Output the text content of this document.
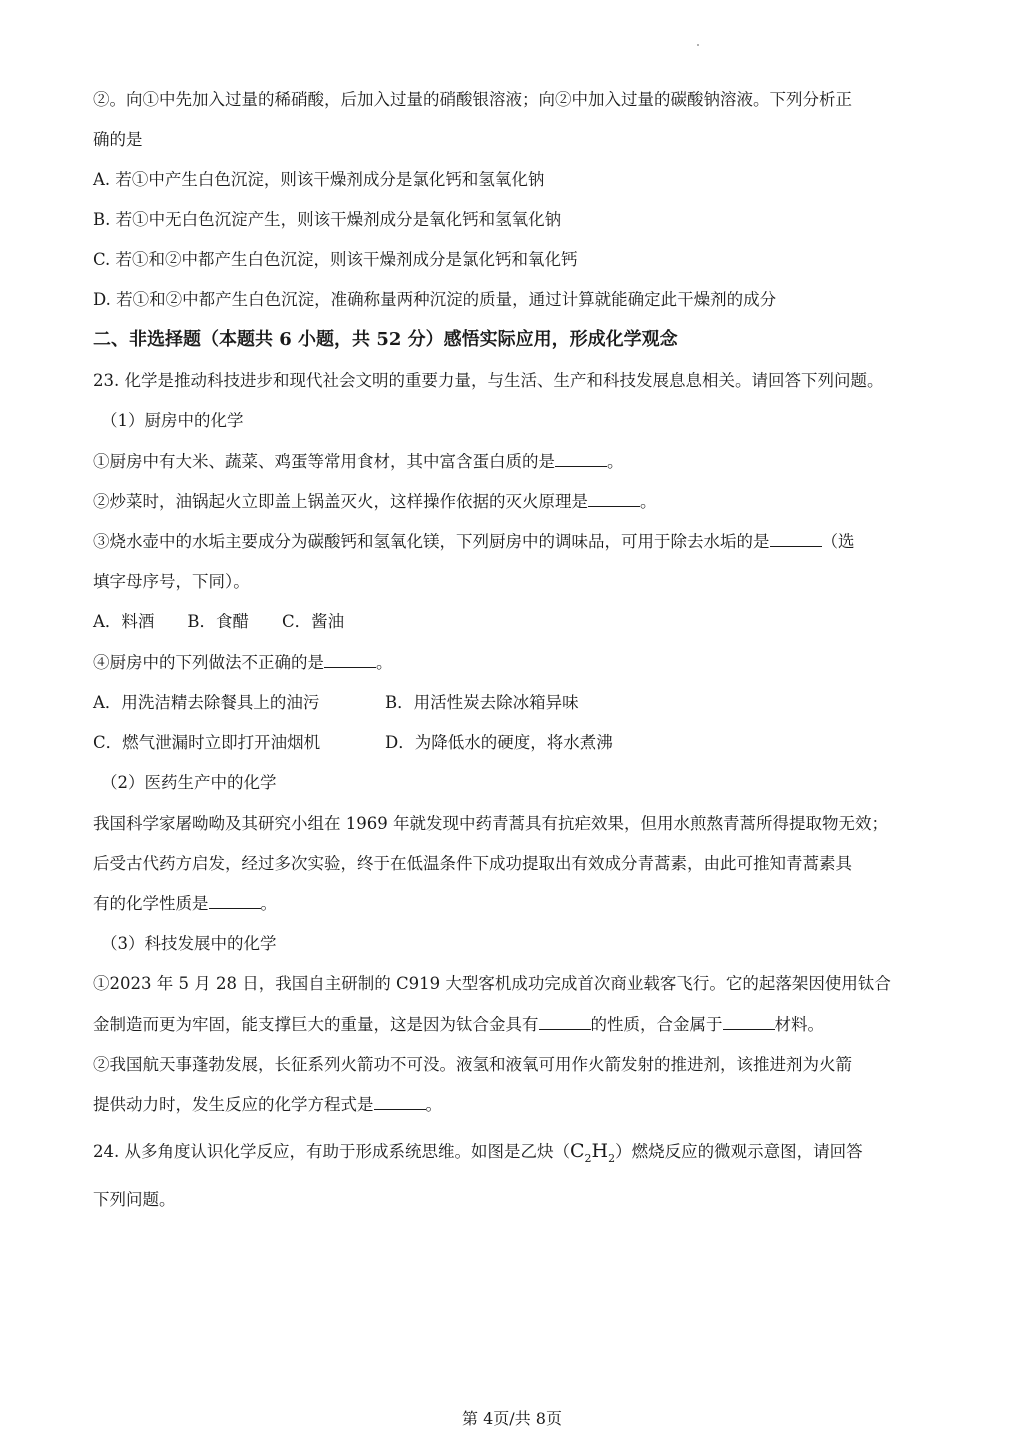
②。向①中先加入过量的稀硝酸，后加入过量的硝酸银溶液；向②中加入过量的碳酸钠溶液。下列分析正
确的是
A. 若①中产生白色沉淀，则该干燥剂成分是氯化钙和氢氧化钠
B. 若①中无白色沉淀产生，则该干燥剂成分是氧化钙和氢氧化钠
C. 若①和②中都产生白色沉淀，则该干燥剂成分是氯化钙和氧化钙
D. 若①和②中都产生白色沉淀，准确称量两种沉淀的质量，通过计算就能确定此干燥剂的成分
二、非选择题（本题共 6 小题，共 52 分）感悟实际应用，形成化学观念
23. 化学是推动科技进步和现代社会文明的重要力量，与生活、生产和科技发展息息相关。请回答下列问题。
（1）厨房中的化学
①厨房中有大米、蔬菜、鸡蛋等常用食材，其中富含蛋白质的是	。
②炒菜时，油锅起火立即盖上锅盖灭火，这样操作依据的灭火原理是	。
③烧水壶中的水垢主要成分为碳酸钙和氢氧化镁，下列厨房中的调味品，可用于除去水垢的是	（选
填字母序号，下同）。
A．料酒　　B．食醋　　C．酱油
④厨房中的下列做法不正确的是	。
A．用洗洁精去除餐具上的油污	B．用活性炭去除冰箱异味
C．燃气泄漏时立即打开油烟机	D．为降低水的硬度，将水煮沸
（2）医药生产中的化学
我国科学家屠呦呦及其研究小组在 1969 年就发现中药青蒿具有抗疟效果，但用水煎熬青蒿所得提取物无效；
后受古代药方启发，经过多次实验，终于在低温条件下成功提取出有效成分青蒿素，由此可推知青蒿素具
有的化学性质是	。
（3）科技发展中的化学
①2023 年 5 月 28 日，我国自主研制的 C919 大型客机成功完成首次商业载客飞行。它的起落架因使用钛合
金制造而更为牢固，能支撑巨大的重量，这是因为钛合金具有	的性质，合金属于	材料。
②我国航天事蓬勃发展，长征系列火箭功不可没。液氢和液氧可用作火箭发射的推进剂，该推进剂为火箭
提供动力时，发生反应的化学方程式是	。
24. 从多角度认识化学反应，有助于形成系统思维。如图是乙炔$(C_2H_2)$燃烧反应的微观示意图，请回答
下列问题。
第 4页/共 8页
